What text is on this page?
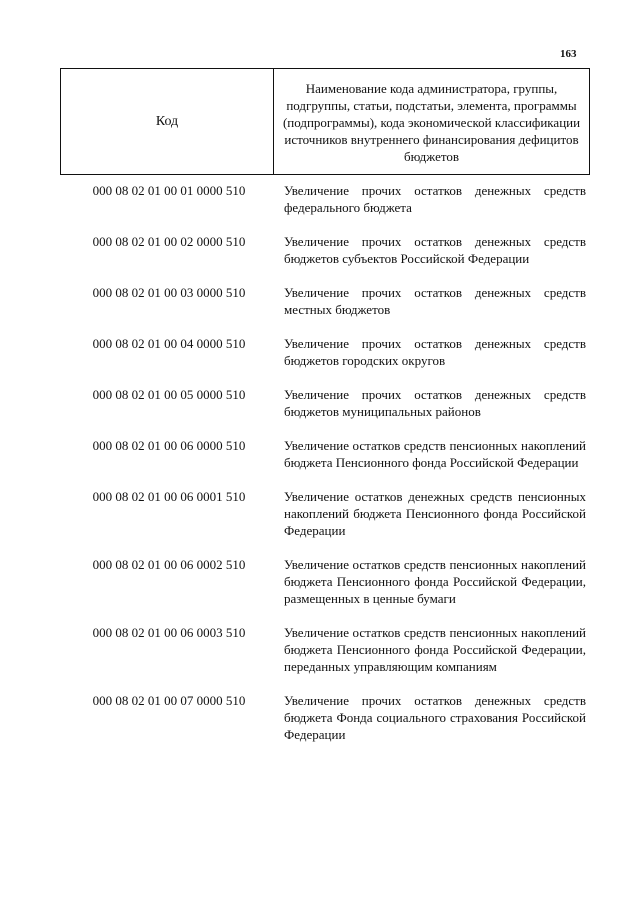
163
Код	Наименование кода администратора, группы, подгруппы, статьи, подстатьи, элемента, программы (подпрограммы), кода экономической классификации источников внутреннего финансирования дефицитов бюджетов
000 08 02 01 00 01 0000 510	Увеличение прочих остатков денежных средств федерального бюджета
000 08 02 01 00 02 0000 510	Увеличение прочих остатков денежных средств бюджетов субъектов Российской Федерации
000 08 02 01 00 03 0000 510	Увеличение прочих остатков денежных средств местных бюджетов
000 08 02 01 00 04 0000 510	Увеличение прочих остатков денежных средств бюджетов городских округов
000 08 02 01 00 05 0000 510	Увеличение прочих остатков денежных средств бюджетов муниципальных районов
000 08 02 01 00 06 0000 510	Увеличение остатков средств пенсионных накоплений бюджета Пенсионного фонда Российской Федерации
000 08 02 01 00 06 0001 510	Увеличение остатков денежных средств пенсионных накоплений бюджета Пенсионного фонда Российской Федерации
000 08 02 01 00 06 0002 510	Увеличение остатков средств пенсионных накоплений бюджета Пенсионного фонда Российской Федерации, размещенных в ценные бумаги
000 08 02 01 00 06 0003 510	Увеличение остатков средств пенсионных накоплений бюджета Пенсионного фонда Российской Федерации, переданных управляющим компаниям
000 08 02 01 00 07 0000 510	Увеличение прочих остатков денежных средств бюджета Фонда социального страхования Российской Федерации
